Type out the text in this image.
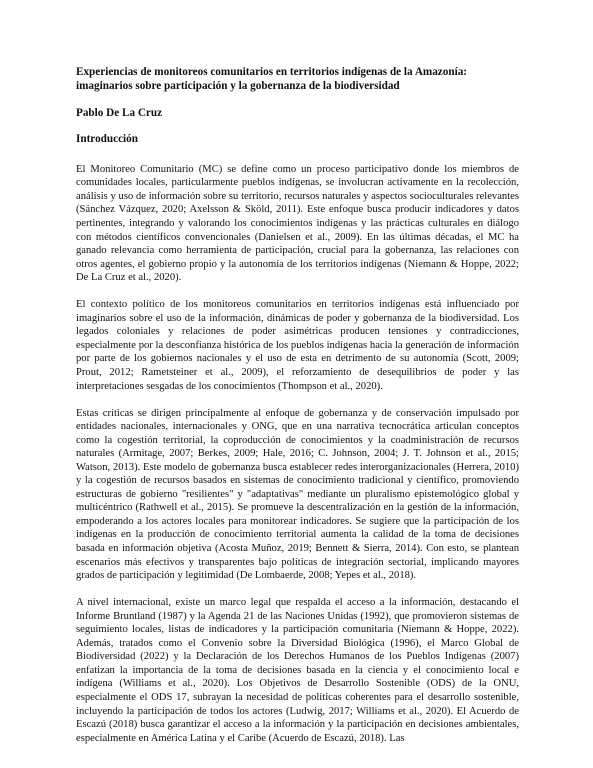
Experiencias de monitoreos comunitarios en territorios indígenas de la Amazonía: imaginarios sobre participación y la gobernanza de la biodiversidad
Pablo De La Cruz
Introducción

El Monitoreo Comunitario (MC) se define como un proceso participativo donde los miembros de comunidades locales, particularmente pueblos indígenas, se involucran activamente en la recolección, análisis y uso de información sobre su territorio, recursos naturales y aspectos socioculturales relevantes (Sánchez Vázquez, 2020; Axelsson & Sköld, 2011). Este enfoque busca producir indicadores y datos pertinentes, integrando y valorando los conocimientos indígenas y las prácticas culturales en diálogo con métodos científicos convencionales (Danielsen et al., 2009). En las últimas décadas, el MC ha ganado relevancia como herramienta de participación, crucial para la gobernanza, las relaciones con otros agentes, el gobierno propio y la autonomía de los territorios indígenas (Niemann & Hoppe, 2022; De La Cruz et al., 2020).

El contexto político de los monitoreos comunitarios en territorios indígenas está influenciado por imaginarios sobre el uso de la información, dinámicas de poder y gobernanza de la biodiversidad. Los legados coloniales y relaciones de poder asimétricas producen tensiones y contradicciones, especialmente por la desconfianza histórica de los pueblos indígenas hacia la generación de información por parte de los gobiernos nacionales y el uso de esta en detrimento de su autonomía (Scott, 2009; Prout, 2012; Rametsteiner et al., 2009), el reforzamiento de desequilibrios de poder y las interpretaciones sesgadas de los conocimientos (Thompson et al., 2020).

Estas críticas se dirigen principalmente al enfoque de gobernanza y de conservación impulsado por entidades nacionales, internacionales y ONG, que en una narrativa tecnocrática articulan conceptos como la cogestión territorial, la coproducción de conocimientos y la coadministración de recursos naturales (Armitage, 2007; Berkes, 2009; Hale, 2016; C. Johnson, 2004; J. T. Johnson et al., 2015; Watson, 2013). Este modelo de gobernanza busca establecer redes interorganizacionales (Herrera, 2010) y la cogestión de recursos basados en sistemas de conocimiento tradicional y científico, promoviendo estructuras de gobierno "resilientes" y "adaptativas" mediante un pluralismo epistemológico global y multicéntrico (Rathwell et al., 2015). Se promueve la descentralización en la gestión de la información, empoderando a los actores locales para monitorear indicadores. Se sugiere que la participación de los indígenas en la producción de conocimiento territorial aumenta la calidad de la toma de decisiones basada en información objetiva (Acosta Muñoz, 2019; Bennett & Sierra, 2014). Con esto, se plantean escenarios más efectivos y transparentes bajo políticas de integración sectorial, implicando mayores grados de participación y legitimidad (De Lombaerde, 2008; Yepes et al., 2018).

A nivel internacional, existe un marco legal que respalda el acceso a la información, destacando el Informe Bruntland (1987) y la Agenda 21 de las Naciones Unidas (1992), que promovieron sistemas de seguimiento locales, listas de indicadores y la participación comunitaria (Niemann & Hoppe, 2022). Además, tratados como el Convenio sobre la Diversidad Biológica (1996), el Marco Global de Biodiversidad (2022) y la Declaración de los Derechos Humanos de los Pueblos Indígenas (2007) enfatizan la importancia de la toma de decisiones basada en la ciencia y el conocimiento local e indígena (Williams et al., 2020). Los Objetivos de Desarrollo Sostenible (ODS) de la ONU, especialmente el ODS 17, subrayan la necesidad de políticas coherentes para el desarrollo sostenible, incluyendo la participación de todos los actores (Ludwig, 2017; Williams et al., 2020). El Acuerdo de Escazú (2018) busca garantizar el acceso a la información y la participación en decisiones ambientales, especialmente en América Latina y el Caribe (Acuerdo de Escazú, 2018). Las
